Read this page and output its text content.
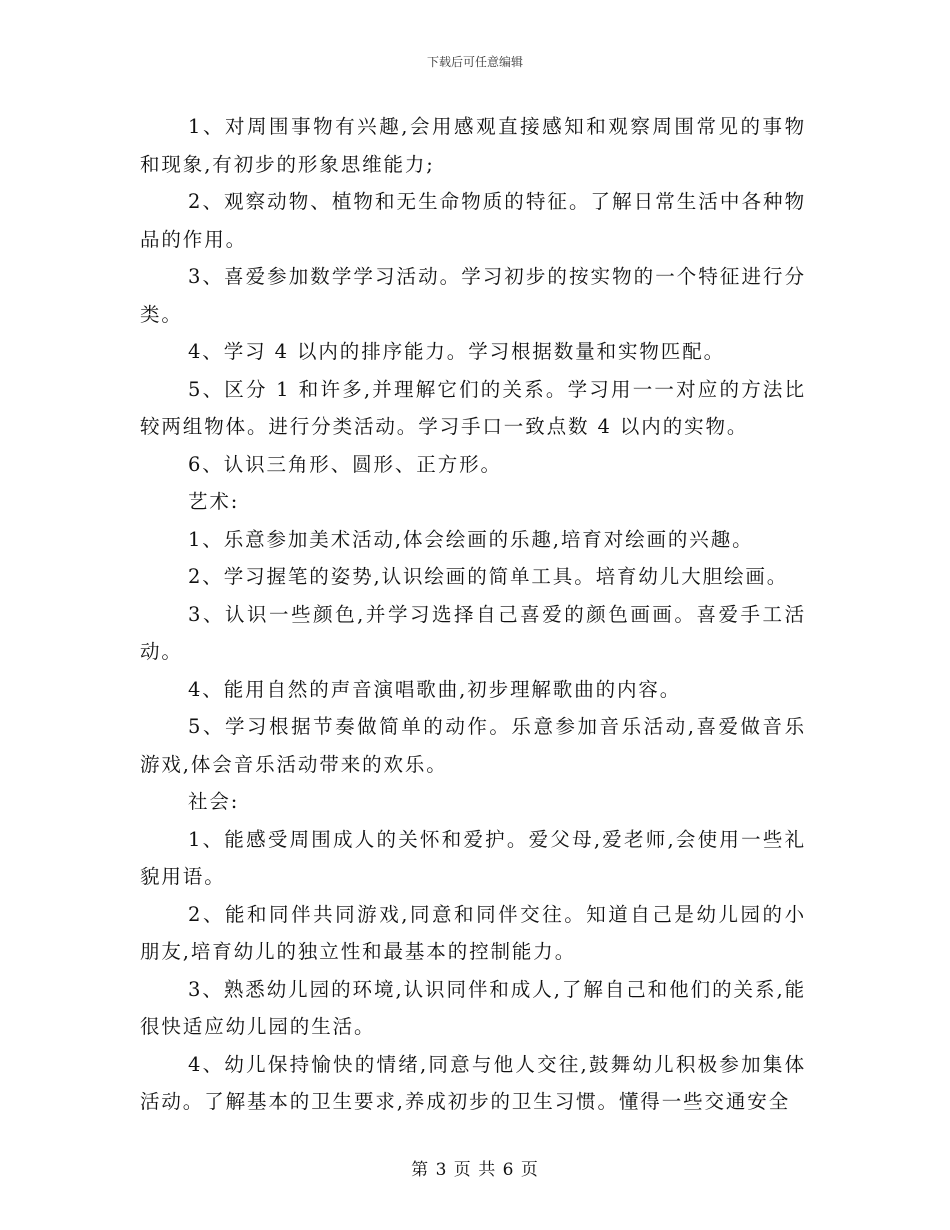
下载后可任意编辑

1、对周围事物有兴趣,会用感观直接感知和观察周围常见的事物和现象,有初步的形象思维能力;

2、观察动物、植物和无生命物质的特征。了解日常生活中各种物品的作用。

3、喜爱参加数学学习活动。学习初步的按实物的一个特征进行分类。

4、学习 4 以内的排序能力。学习根据数量和实物匹配。

5、区分 1 和许多,并理解它们的关系。学习用一一对应的方法比较两组物体。进行分类活动。学习手口一致点数 4 以内的实物。

6、认识三角形、圆形、正方形。

艺术:

1、乐意参加美术活动,体会绘画的乐趣,培育对绘画的兴趣。

2、学习握笔的姿势,认识绘画的简单工具。培育幼儿大胆绘画。

3、认识一些颜色,并学习选择自己喜爱的颜色画画。喜爱手工活动。

4、能用自然的声音演唱歌曲,初步理解歌曲的内容。

5、学习根据节奏做简单的动作。乐意参加音乐活动,喜爱做音乐游戏,体会音乐活动带来的欢乐。

社会:

1、能感受周围成人的关怀和爱护。爱父母,爱老师,会使用一些礼貌用语。

2、能和同伴共同游戏,同意和同伴交往。知道自己是幼儿园的小朋友,培育幼儿的独立性和最基本的控制能力。

3、熟悉幼儿园的环境,认识同伴和成人,了解自己和他们的关系,能很快适应幼儿园的生活。

4、幼儿保持愉快的情绪,同意与他人交往,鼓舞幼儿积极参加集体活动。了解基本的卫生要求,养成初步的卫生习惯。懂得一些交通安全

第 3 页 共 6 页
